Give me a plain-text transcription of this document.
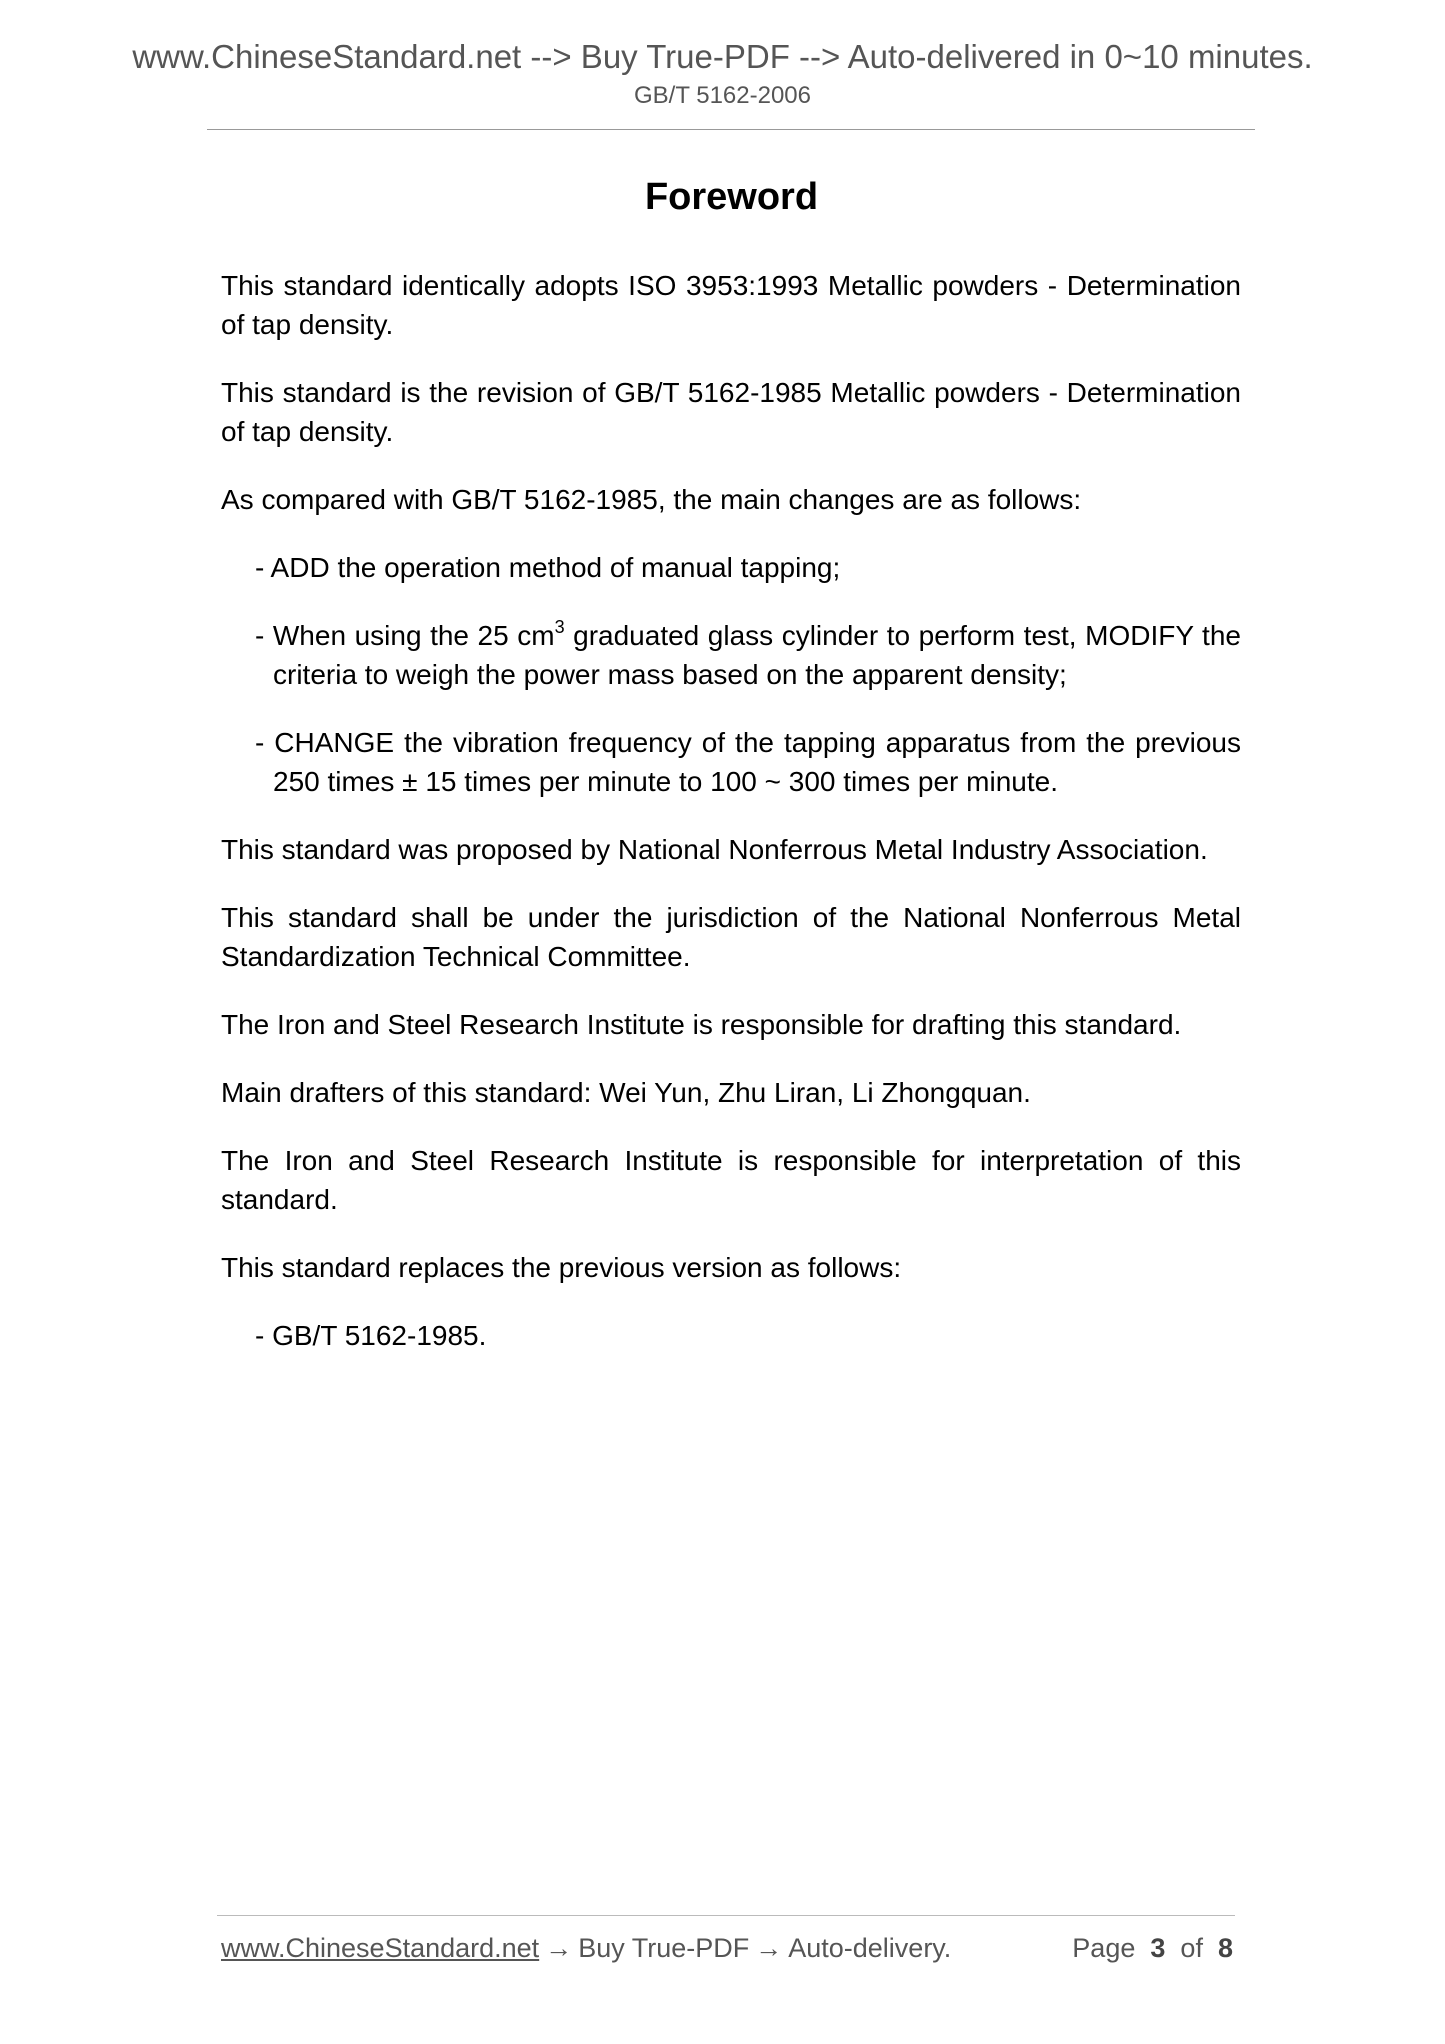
www.ChineseStandard.net --> Buy True-PDF --> Auto-delivered in 0~10 minutes.
GB/T 5162-2006
Foreword

This standard identically adopts ISO 3953:1993 Metallic powders - Determination of tap density.

This standard is the revision of GB/T 5162-1985 Metallic powders - Determination of tap density.

As compared with GB/T 5162-1985, the main changes are as follows:

- ADD the operation method of manual tapping;

- When using the 25 $cm^3$ graduated glass cylinder to perform test, MODIFY the criteria to weigh the power mass based on the apparent density;

- CHANGE the vibration frequency of the tapping apparatus from the previous 250 times ± 15 times per minute to 100 ~ 300 times per minute.

This standard was proposed by National Nonferrous Metal Industry Association.

This standard shall be under the jurisdiction of the National Nonferrous Metal Standardization Technical Committee.

The Iron and Steel Research Institute is responsible for drafting this standard.

Main drafters of this standard: Wei Yun, Zhu Liran, Li Zhongquan.

The Iron and Steel Research Institute is responsible for interpretation of this standard.

This standard replaces the previous version as follows:

- GB/T 5162-1985.

www.ChineseStandard.net → Buy True-PDF → Auto-delivery.	Page 3 of 8
